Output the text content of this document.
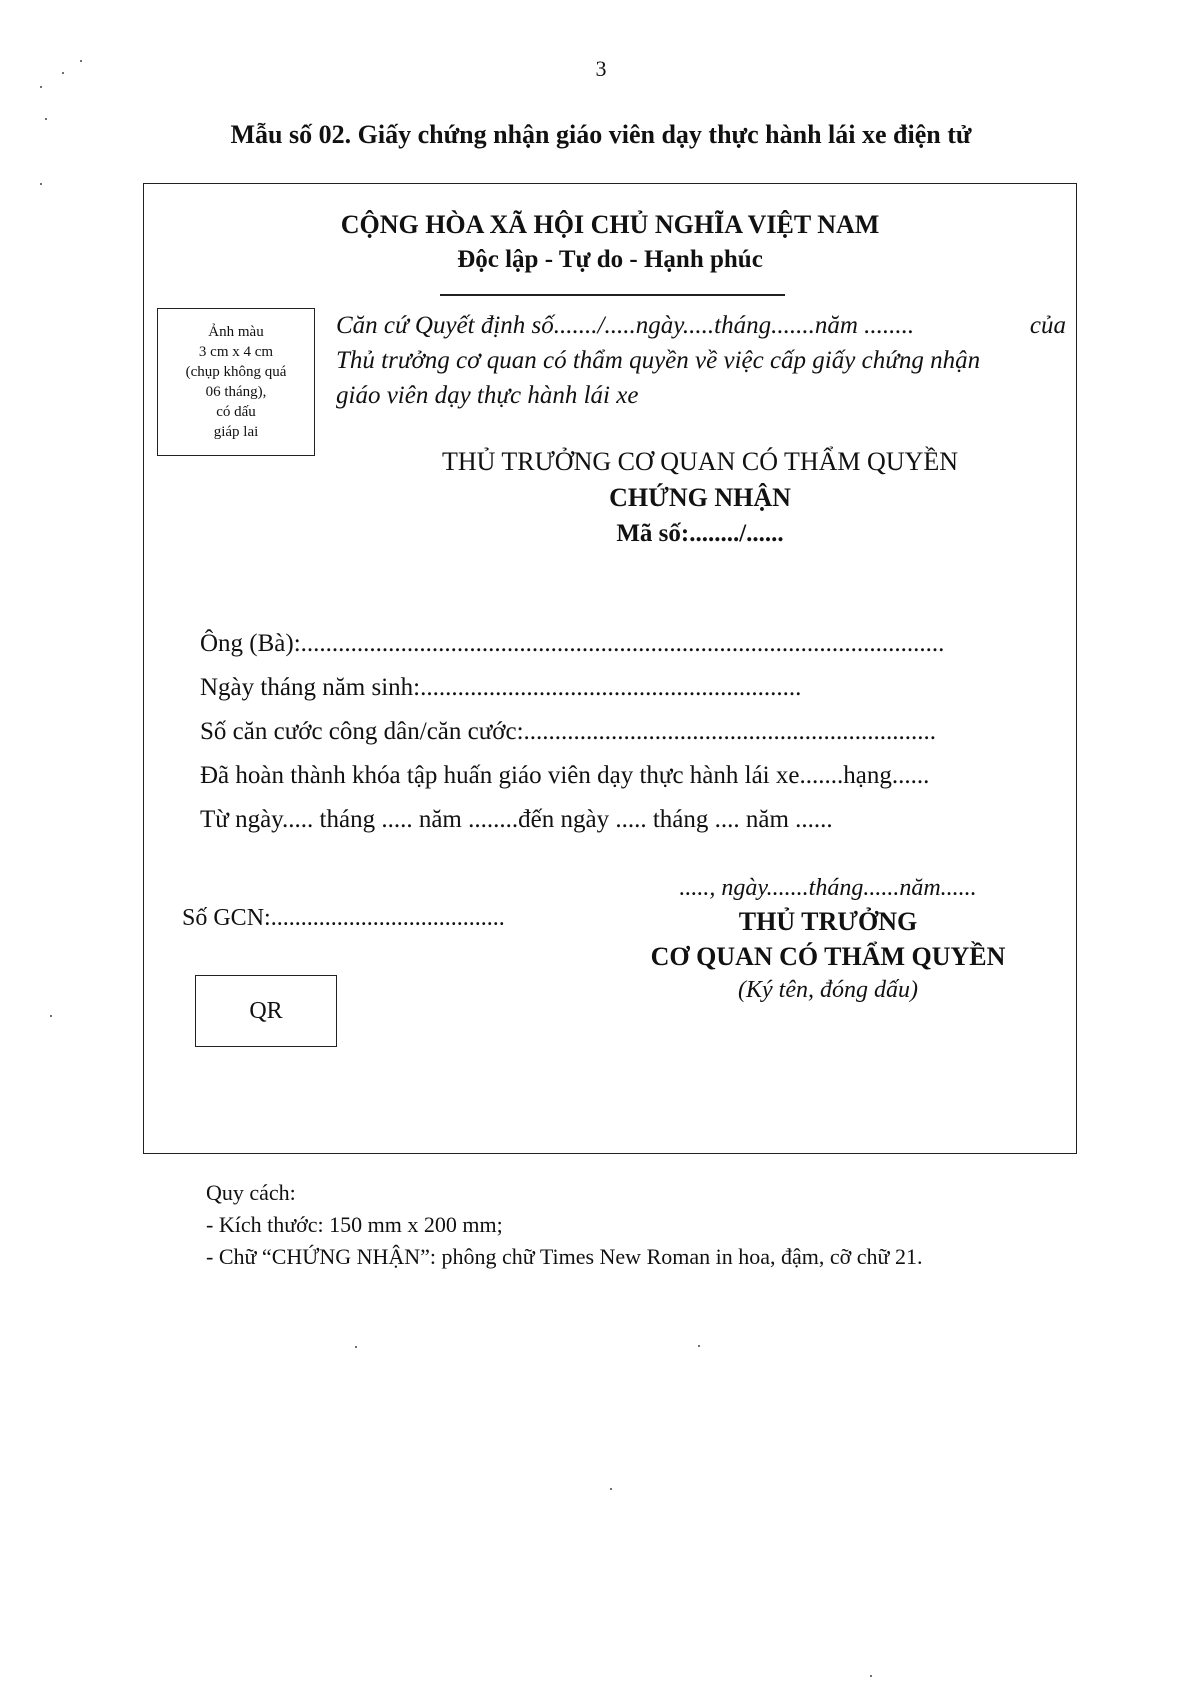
3
Mẫu số 02. Giấy chứng nhận giáo viên dạy thực hành lái xe điện tử
CỘNG HÒA XÃ HỘI CHỦ NGHĨA VIỆT NAM
Độc lập - Tự do - Hạnh phúc
Ảnh màu
3 cm x 4 cm
(chụp không quá
06 tháng),
có dấu
giáp lai
Căn cứ Quyết định số......./.....ngày.....tháng.......năm ........	của
Thủ trưởng cơ quan có thẩm quyền về việc cấp giấy chứng nhận
giáo viên dạy thực hành lái xe
THỦ TRƯỞNG CƠ QUAN CÓ THẨM QUYỀN
CHỨNG NHẬN
Mã số:......../......
Ông (Bà):.......................................................................................................
Ngày tháng năm sinh:.............................................................
Số căn cước công dân/căn cước:..................................................................
Đã hoàn thành khóa tập huấn giáo viên dạy thực hành lái xe.......hạng......
Từ ngày..... tháng ..... năm ........đến ngày ..... tháng .... năm ......
....., ngày.......tháng......năm......
THỦ TRƯỞNG
CƠ QUAN CÓ THẨM QUYỀN
(Ký tên, đóng dấu)
Số GCN:.......................................
QR
Quy cách:
- Kích thước: 150 mm x 200 mm;
- Chữ “CHỨNG NHẬN”: phông chữ Times New Roman in hoa, đậm, cỡ chữ 21.
